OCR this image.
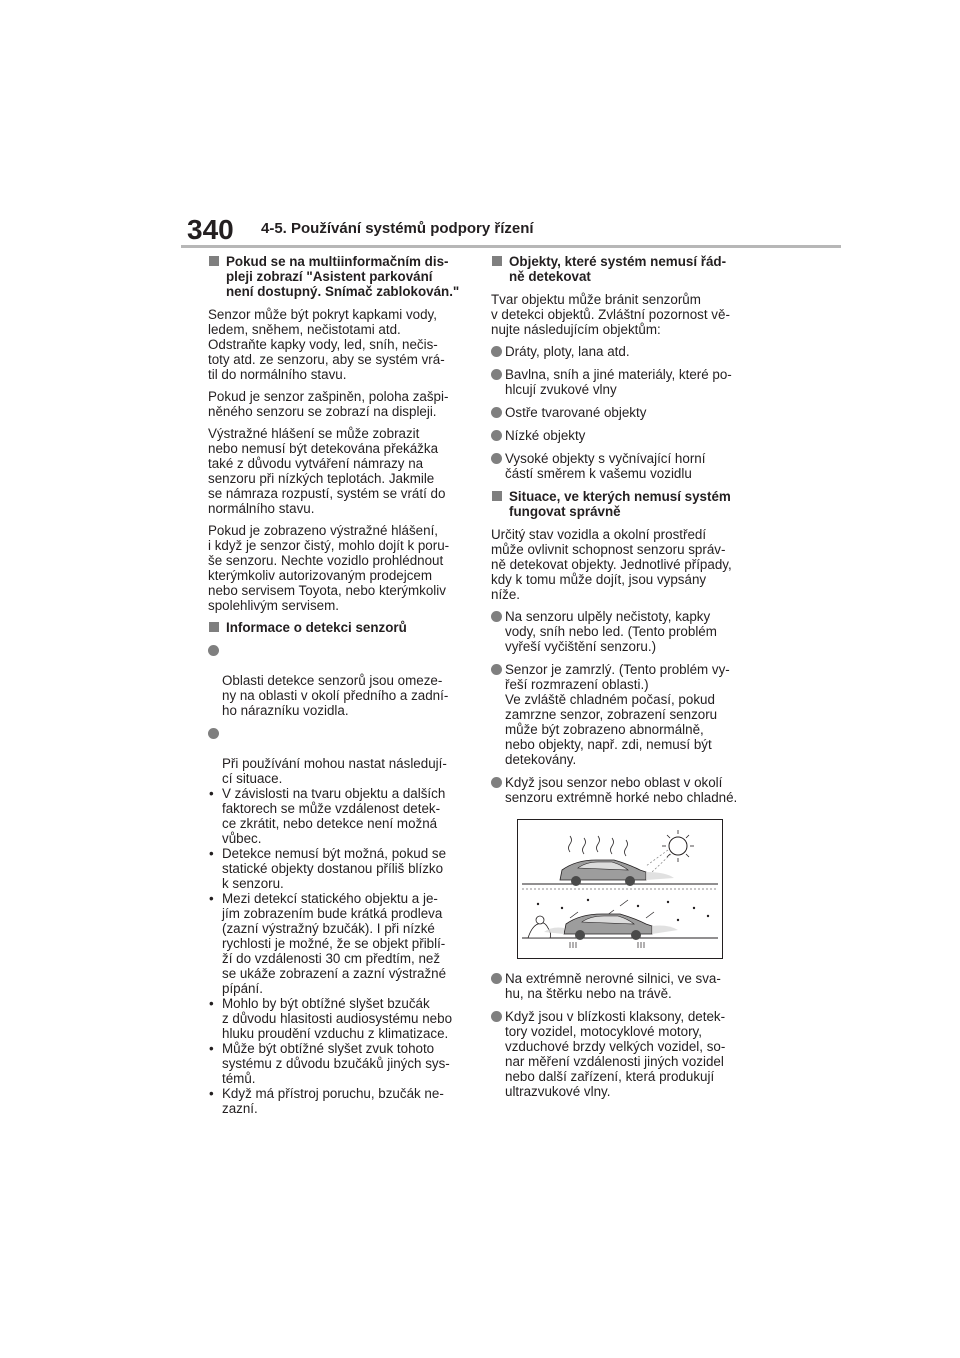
340 4-5. Používání systémů podpory řízení
Pokud se na multiinformačním dis-
pleji zobrazí "Asistent parkování
není dostupný. Snímač zablokován."
Senzor může být pokryt kapkami vody,
ledem, sněhem, nečistotami atd.
Odstraňte kapky vody, led, sníh, nečis-
toty atd. ze senzoru, aby se systém vrá-
til do normálního stavu.
Pokud je senzor zašpiněn, poloha zašpi-
něného senzoru se zobrazí na displeji.
Výstražné hlášení se může zobrazit
nebo nemusí být detekována překážka
také z důvodu vytváření námrazy na
senzoru při nízkých teplotách. Jakmile
se námraza rozpustí, systém se vrátí do
normálního stavu.
Pokud je zobrazeno výstražné hlášení,
i když je senzor čistý, mohlo dojít k poru-
še senzoru. Nechte vozidlo prohlédnout
kterýmkoliv autorizovaným prodejcem
nebo servisem Toyota, nebo kterýmkoliv
spolehlivým servisem.
Informace o detekci senzorů

Oblasti detekce senzorů jsou omeze-
ny na oblasti v okolí předního a zadní-
ho nárazníku vozidla.

Při používání mohou nastat následují-
cí situace.

• V závislosti na tvaru objektu a dalších
faktorech se může vzdálenost detek-
ce zkrátit, nebo detekce není možná
vůbec.
• Detekce nemusí být možná, pokud se
statické objekty dostanou příliš blízko
k senzoru.
• Mezi detekcí statického objektu a je-
jím zobrazením bude krátká prodleva
(zazní výstražný bzučák). I při nízké
rychlosti je možné, že se objekt přiblí-
ží do vzdálenosti 30 cm předtím, než
se ukáže zobrazení a zazní výstražné
pípání.
• Mohlo by být obtížné slyšet bzučák
z důvodu hlasitosti audiosystému nebo
hluku proudění vzduchu z klimatizace.
• Může být obtížné slyšet zvuk tohoto
systému z důvodu bzučáků jiných sys-
témů.
• Když má přístroj poruchu, bzučák ne-
zazní.
Objekty, které systém nemusí řád-
ně detekovat
Tvar objektu může bránit senzorům
v detekci objektů. Zvláštní pozornost vě-
nujte následujícím objektům:
Dráty, ploty, lana atd.
Bavlna, sníh a jiné materiály, které po-
hlcují zvukové vlny
Ostře tvarované objekty
Nízké objekty
Vysoké objekty s vyčnívající horní
částí směrem k vašemu vozidlu
Situace, ve kterých nemusí systém
fungovat správně
Určitý stav vozidla a okolní prostředí
může ovlivnit schopnost senzoru správ-
ně detekovat objekty. Jednotlivé případy,
kdy k tomu může dojít, jsou vypsány
níže.
Na senzoru ulpěly nečistoty, kapky
vody, sníh nebo led. (Tento problém
vyřeší vyčištění senzoru.)
Senzor je zamrzlý. (Tento problém vy-
řeší rozmrazení oblasti.)
Ve zvláště chladném počasí, pokud
zamrzne senzor, zobrazení senzoru
může být zobrazeno abnormálně,
nebo objekty, např. zdi, nemusí být
detekovány.
Když jsou senzor nebo oblast v okolí
senzoru extrémně horké nebo chladné.
Na extrémně nerovné silnici, ve sva-
hu, na štěrku nebo na trávě.
Když jsou v blízkosti klaksony, detek-
tory vozidel, motocyklové motory,
vzduchové brzdy velkých vozidel, so-
nar měření vzdálenosti jiných vozidel
nebo další zařízení, která produkují
ultrazvukové vlny.
